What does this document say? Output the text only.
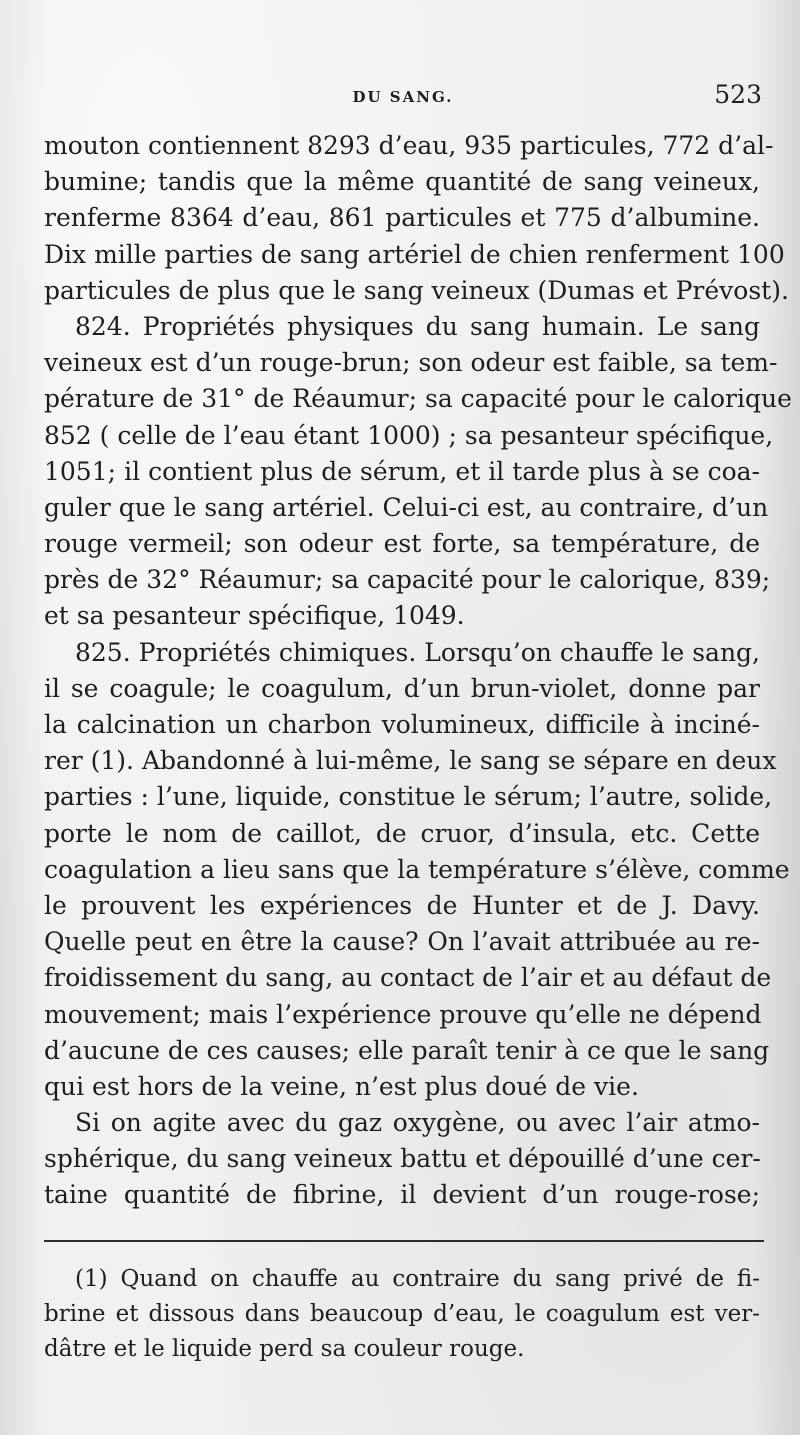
DU SANG.	523
mouton contiennent 8293 d’eau, 935 particules, 772 d’al-
bumine; tandis que la même quantité de sang veineux,
renferme 8364 d’eau, 861 particules et 775 d’albumine.
Dix mille parties de sang artériel de chien renferment 100
particules de plus que le sang veineux (Dumas et Prévost).
824. Propriétés physiques du sang humain. Le sang
veineux est d’un rouge-brun; son odeur est faible, sa tem-
pérature de 31° de Réaumur; sa capacité pour le calorique
852 ( celle de l’eau étant 1000) ; sa pesanteur spécifique,
1051; il contient plus de sérum, et il tarde plus à se coa-
guler que le sang artériel. Celui-ci est, au contraire, d’un
rouge vermeil; son odeur est forte, sa température, de
près de 32° Réaumur; sa capacité pour le calorique, 839;
et sa pesanteur spécifique, 1049.
825. Propriétés chimiques. Lorsqu’on chauffe le sang,
il se coagule; le coagulum, d’un brun-violet, donne par
la calcination un charbon volumineux, difficile à inciné-
rer (1). Abandonné à lui-même, le sang se sépare en deux
parties : l’une, liquide, constitue le sérum; l’autre, solide,
porte le nom de caillot, de cruor, d’insula, etc. Cette
coagulation a lieu sans que la température s’élève, comme
le prouvent les expériences de Hunter et de J. Davy.
Quelle peut en être la cause? On l’avait attribuée au re-
froidissement du sang, au contact de l’air et au défaut de
mouvement; mais l’expérience prouve qu’elle ne dépend
d’aucune de ces causes; elle paraît tenir à ce que le sang
qui est hors de la veine, n’est plus doué de vie.
Si on agite avec du gaz oxygène, ou avec l’air atmo-
sphérique, du sang veineux battu et dépouillé d’une cer-
taine quantité de fibrine, il devient d’un rouge-rose;
(1) Quand on chauffe au contraire du sang privé de fi-
brine et dissous dans beaucoup d’eau, le coagulum est ver-
dâtre et le liquide perd sa couleur rouge.
